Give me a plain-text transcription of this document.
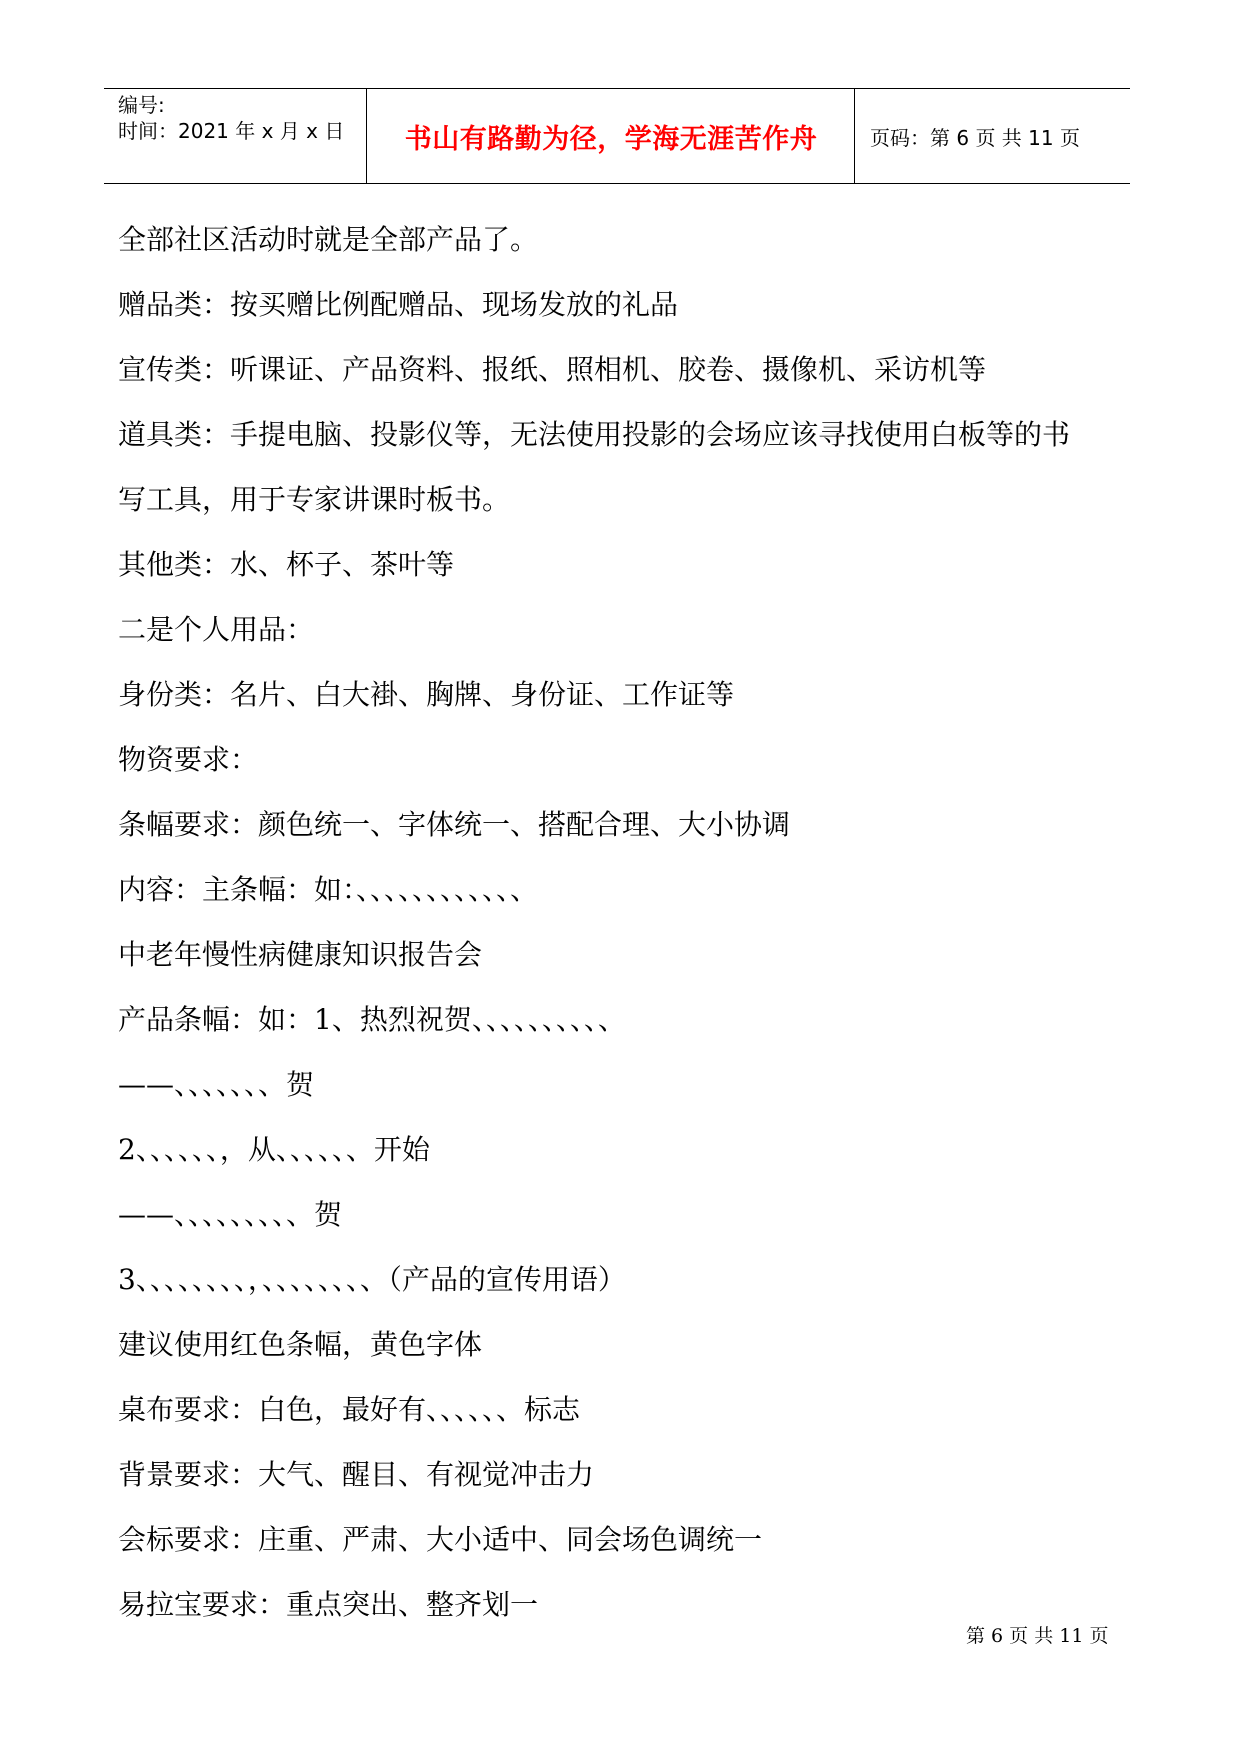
编号:
时间：2021 年 x 月 x 日 书山有路勤为径，学海无涯苦作舟	页码：第 6 页 共 11 页
全部社区活动时就是全部产品了。
赠品类：按买赠比例配赠品、现场发放的礼品
宣传类：听课证、产品资料、报纸、照相机、胶卷、摄像机、采访机等
道具类：手提电脑、投影仪等，无法使用投影的会场应该寻找使用白板等的书
写工具，用于专家讲课时板书。
其他类：水、杯子、茶叶等
二是个人用品：
身份类：名片、白大褂、胸牌、身份证、工作证等
物资要求：
条幅要求：颜色统一、字体统一、搭配合理、大小协调
内容：主条幅：如：、、、、、、、、、、、、
中老年慢性病健康知识报告会
产品条幅：如：1、热烈祝贺、、、、、、、、、、
——、、、、、、、贺
2、、、、、、，从、、、、、、开始
——、、、、、、、、、贺
3、、、、、、、、，、、、、、、、、（产品的宣传用语）
建议使用红色条幅，黄色字体
桌布要求：白色，最好有、、、、、、标志
背景要求：大气、醒目、有视觉冲击力
会标要求：庄重、严肃、大小适中、同会场色调统一
易拉宝要求：重点突出、整齐划一
第 6 页 共 11 页
